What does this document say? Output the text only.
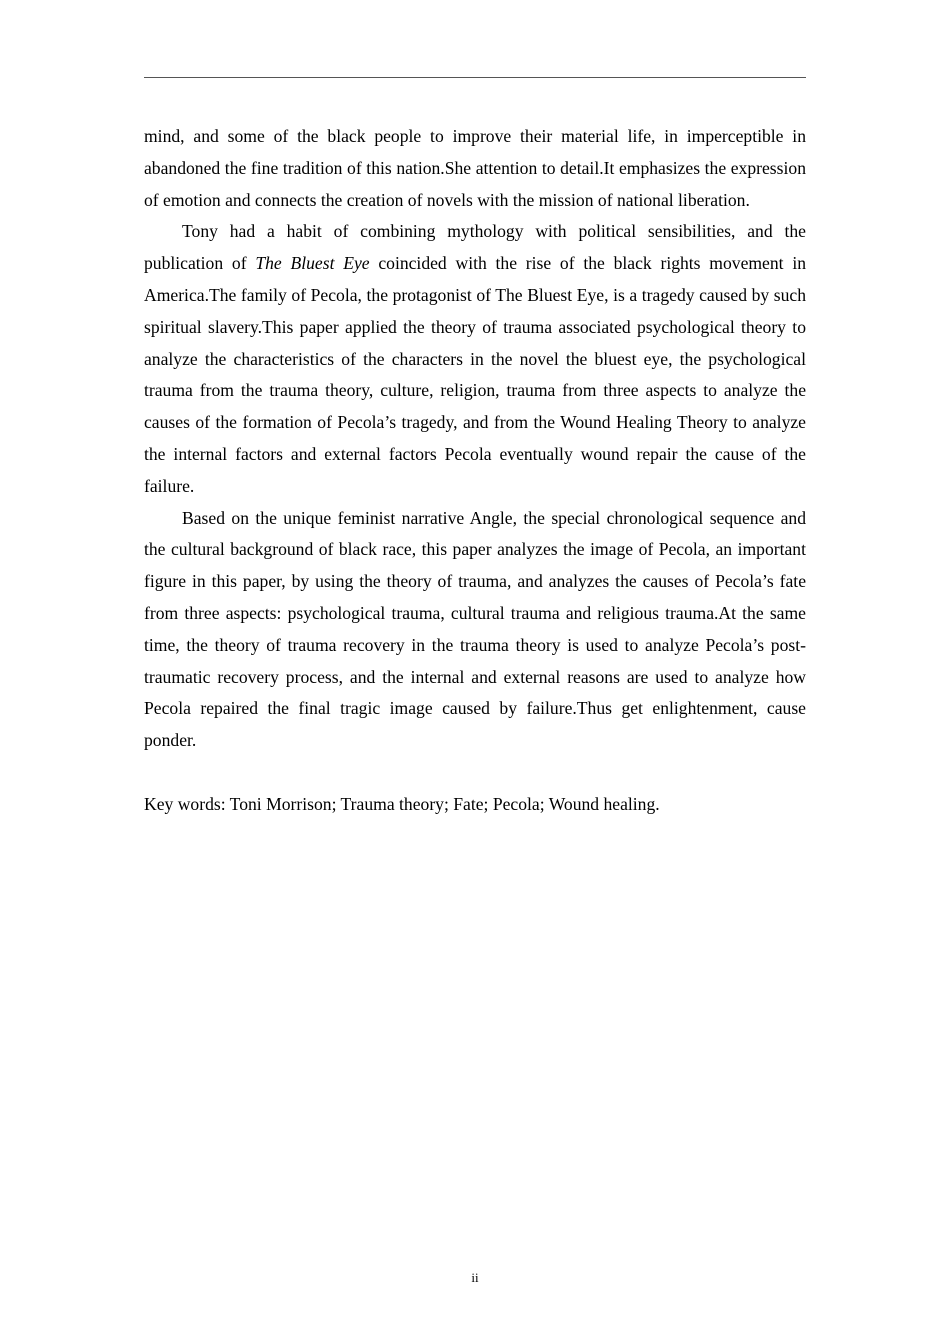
mind, and some of the black people to improve their material life, in imperceptible in abandoned the fine tradition of this nation.She attention to detail.It emphasizes the expression of emotion and connects the creation of novels with the mission of national liberation.

Tony had a habit of combining mythology with political sensibilities, and the publication of The Bluest Eye coincided with the rise of the black rights movement in America.The family of Pecola, the protagonist of The Bluest Eye, is a tragedy caused by such spiritual slavery.This paper applied the theory of trauma associated psychological theory to analyze the characteristics of the characters in the novel the bluest eye, the psychological trauma from the trauma theory, culture, religion, trauma from three aspects to analyze the causes of the formation of Pecola’s tragedy, and from the Wound Healing Theory to analyze the internal factors and external factors Pecola eventually wound repair the cause of the failure.

Based on the unique feminist narrative Angle, the special chronological sequence and the cultural background of black race, this paper analyzes the image of Pecola, an important figure in this paper, by using the theory of trauma, and analyzes the causes of Pecola’s fate from three aspects: psychological trauma, cultural trauma and religious trauma.At the same time, the theory of trauma recovery in the trauma theory is used to analyze Pecola’s post-traumatic recovery process, and the internal and external reasons are used to analyze how Pecola repaired the final tragic image caused by failure.Thus get enlightenment, cause ponder.

Key words: Toni Morrison; Trauma theory; Fate; Pecola; Wound healing.

ii
